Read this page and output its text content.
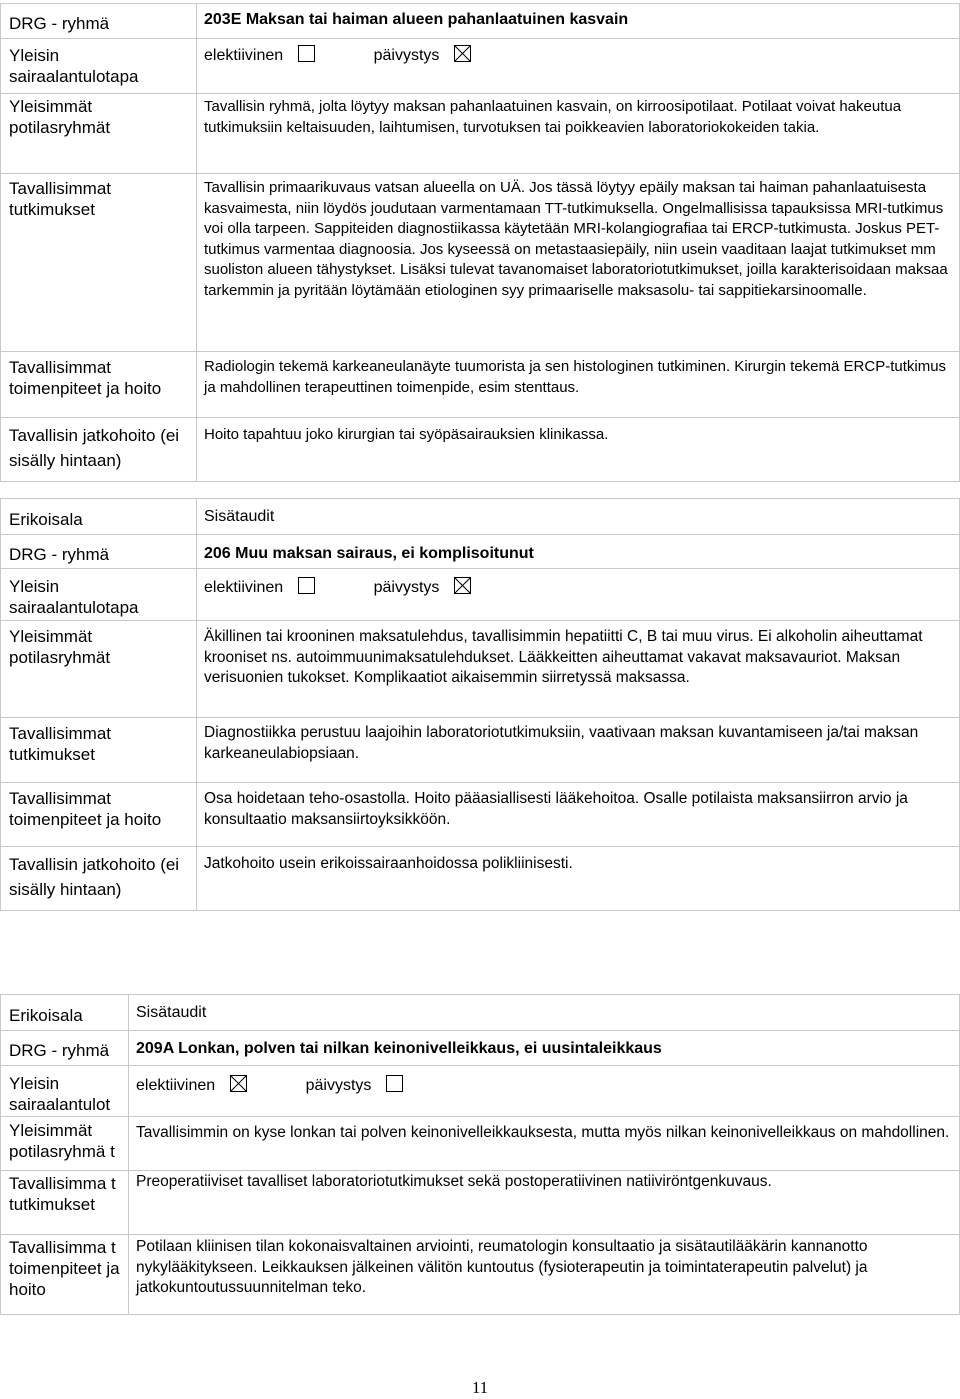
DRG - ryhmä	203E Maksan tai haiman alueen pahanlaatuinen kasvain

Yleisin sairaalantulotapa	elektiivinen päivystys

Yleisimmät potilasryhmät	Tavallisin ryhmä, jolta löytyy maksan pahanlaatuinen kasvain, on kirroosipotilaat. Potilaat voivat hakeutua tutkimuksiin keltaisuuden, laihtumisen, turvotuksen tai poikkeavien laboratoriokokeiden takia.

Tavallisimmat tutkimukset	Tavallisin primaarikuvaus vatsan alueella on UÄ. Jos tässä löytyy epäily maksan tai haiman pahanlaatuisesta kasvaimesta, niin löydös joudutaan varmentamaan TT-tutkimuksella. Ongelmallisissa tapauksissa MRI-tutkimus voi olla tarpeen. Sappiteiden diagnostiikassa käytetään MRI-kolangiografiaa tai ERCP-tutkimusta. Joskus PET-tutkimus varmentaa diagnoosia. Jos kyseessä on metastaasiepäily, niin usein vaaditaan laajat tutkimukset mm suoliston alueen tähystykset. Lisäksi tulevat tavanomaiset laboratoriotutkimukset, joilla karakterisoidaan maksaa tarkemmin ja pyritään löytämään etiologinen syy primaariselle maksasolu- tai sappitiekarsinoomalle.

Tavallisimmat toimenpiteet ja hoito	Radiologin tekemä karkeaneulanäyte tuumorista ja sen histologinen tutkiminen. Kirurgin tekemä ERCP-tutkimus ja mahdollinen terapeuttinen toimenpide, esim stenttaus.

Tavallisin jatkohoito (ei sisälly hintaan)	Hoito tapahtuu joko kirurgian tai syöpäsairauksien klinikassa.
Erikoisala	Sisätaudit

DRG - ryhmä	206 Muu maksan sairaus, ei komplisoitunut

Yleisin sairaalantulotapa	elektiivinen päivystys

Yleisimmät potilasryhmät	Äkillinen tai krooninen maksatulehdus, tavallisimmin hepatiitti C, B tai muu virus. Ei alkoholin aiheuttamat krooniset ns. autoimmuunimaksatulehdukset. Lääkkeitten aiheuttamat vakavat maksavauriot. Maksan verisuonien tukokset. Komplikaatiot aikaisemmin siirretyssä maksassa.

Tavallisimmat tutkimukset	Diagnostiikka perustuu laajoihin laboratoriotutkimuksiin, vaativaan maksan kuvantamiseen ja/tai maksan karkeaneulabiopsiaan.

Tavallisimmat toimenpiteet ja hoito	Osa hoidetaan teho-osastolla. Hoito pääasiallisesti lääkehoitoa. Osalle potilaista maksansiirron arvio ja konsultaatio maksansiirtoyksikköön.

Tavallisin jatkohoito (ei sisälly hintaan)	Jatkohoito usein erikoissairaanhoidossa polikliinisesti.
Erikoisala	Sisätaudit

DRG - ryhmä	209A Lonkan, polven tai nilkan keinonivelleikkaus, ei uusintaleikkaus

Yleisin sairaalantulot	elektiivinen päivystys

Yleisimmät potilasryhmä t	Tavallisimmin on kyse lonkan tai polven keinonivelleikkauksesta, mutta myös nilkan keinonivelleikkaus on mahdollinen.

Tavallisimma t tutkimukset	Preoperatiiviset tavalliset laboratoriotutkimukset sekä postoperatiivinen natiiviröntgenkuvaus.

Tavallisimma t toimenpiteet ja hoito	Potilaan kliinisen tilan kokonaisvaltainen arviointi, reumatologin konsultaatio ja sisätautilääkärin kannanotto nykylääkitykseen. Leikkauksen jälkeinen välitön kuntoutus (fysioterapeutin ja toimintaterapeutin palvelut) ja jatkokuntoutussuunnitelman teko.
11
